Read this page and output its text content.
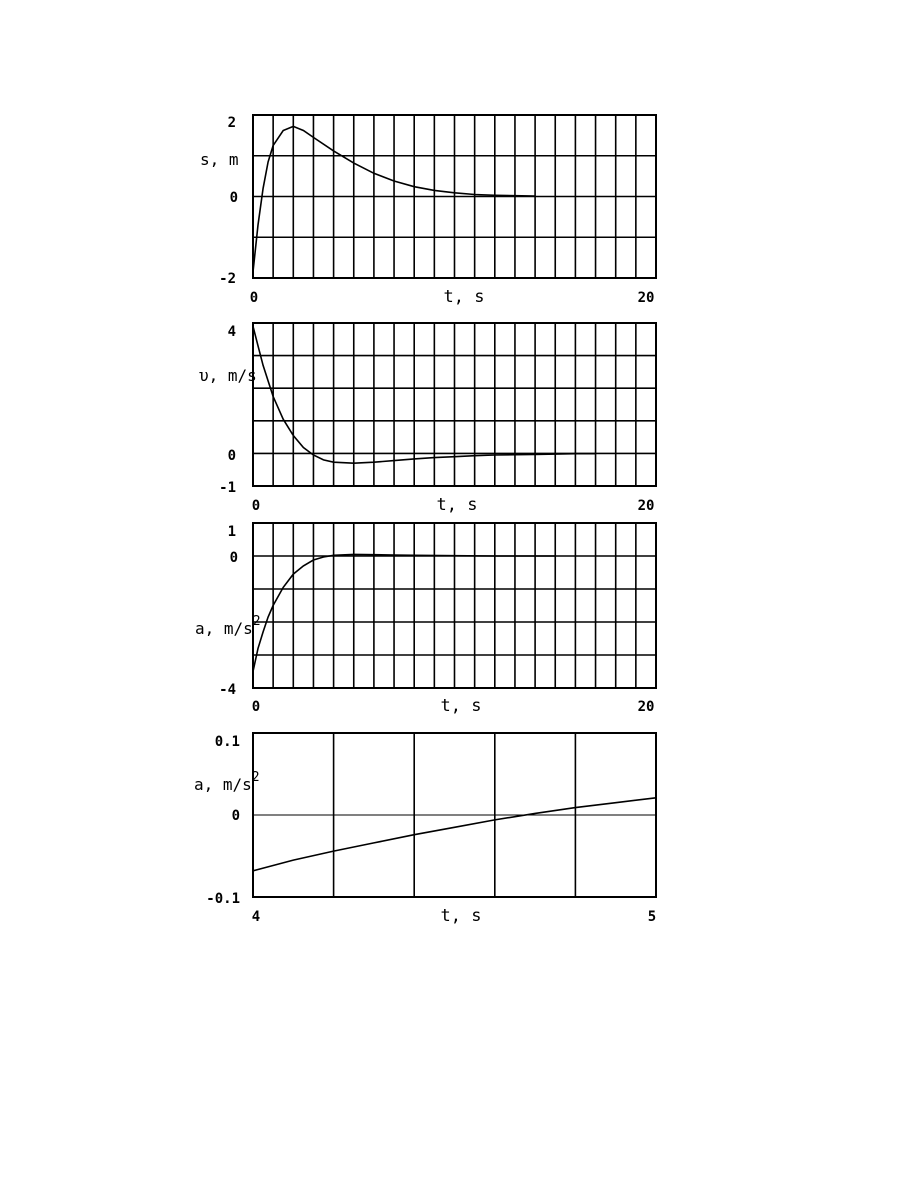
2
0
-2
s, m
0	20
t, s
4
0
-1
υ, m/s
0	20
t, s
1
0
-4
a, $m/s^2$
0	20
t, s
0.1
0
-0.1
a, $m/s^2$
4	5
t, s
